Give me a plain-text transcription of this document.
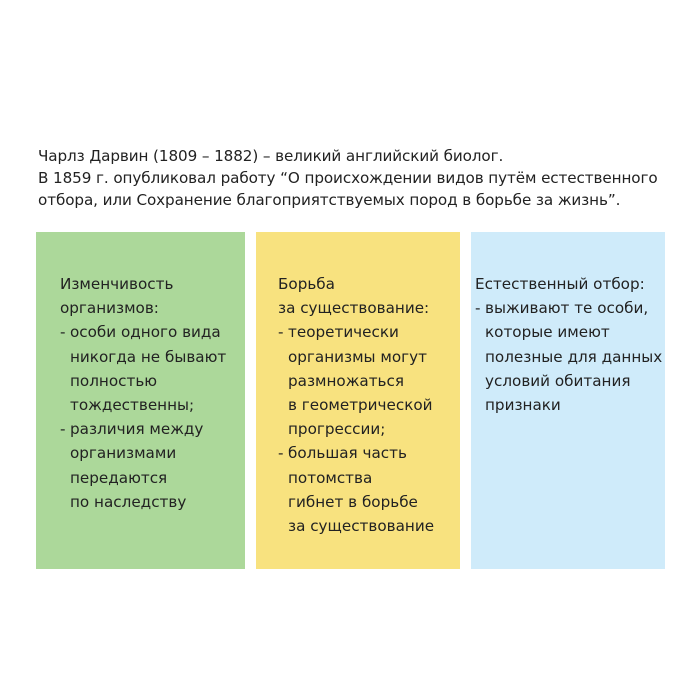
Чарлз Дарвин (1809 – 1882) – великий английский биолог.
В 1859 г. опубликовал работу “О происхождении видов путём естественного
отбора, или Сохранение благоприятствуемых пород в борьбе за жизнь”.
Изменчивость
организмов:
- особи одного вида
никогда не бывают
полностью
тождественны;
- различия между
организмами
передаются
по наследству
Борьба
за существование:
- теоретически
организмы могут
размножаться
в геометрической
прогрессии;
- большая часть
потомства
гибнет в борьбе
за существование
Естественный отбор:
- выживают те особи,
которые имеют
полезные для данных
условий обитания
признаки
